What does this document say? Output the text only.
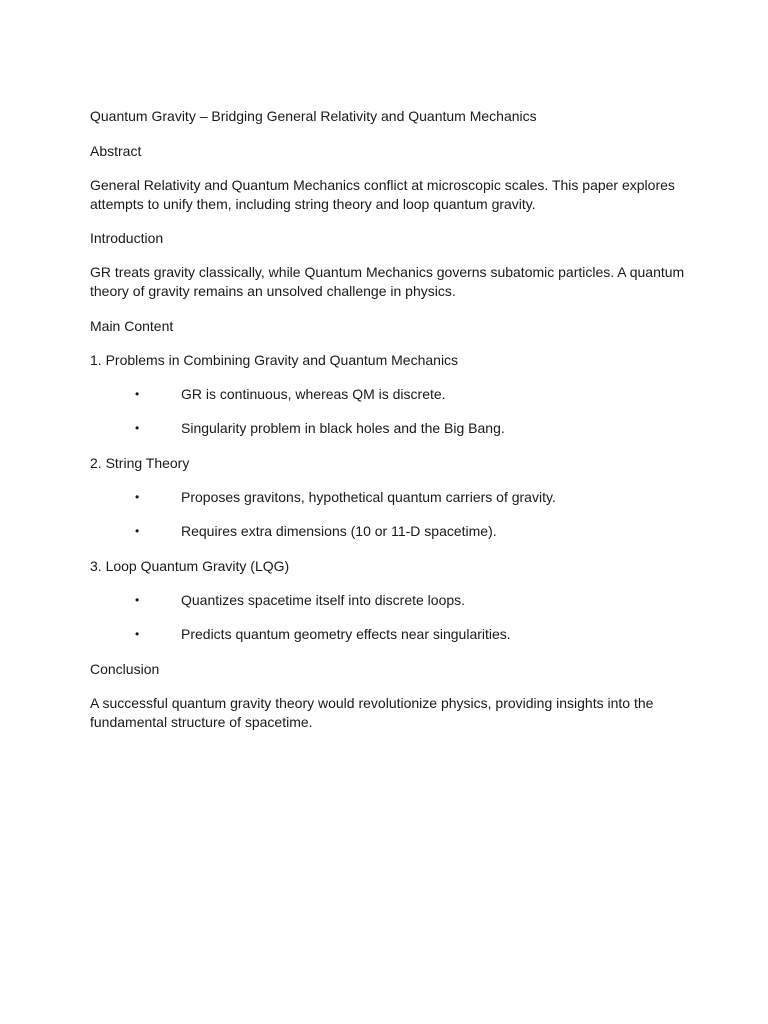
Quantum Gravity – Bridging General Relativity and Quantum Mechanics

Abstract

General Relativity and Quantum Mechanics conflict at microscopic scales. This paper explores attempts to unify them, including string theory and loop quantum gravity.

Introduction

GR treats gravity classically, while Quantum Mechanics governs subatomic particles. A quantum theory of gravity remains an unsolved challenge in physics.

Main Content

1. Problems in Combining Gravity and Quantum Mechanics

•	GR is continuous, whereas QM is discrete.
•	Singularity problem in black holes and the Big Bang.

2. String Theory

•	Proposes gravitons, hypothetical quantum carriers of gravity.
•	Requires extra dimensions (10 or 11-D spacetime).

3. Loop Quantum Gravity (LQG)

•	Quantizes spacetime itself into discrete loops.
•	Predicts quantum geometry effects near singularities.

Conclusion

A successful quantum gravity theory would revolutionize physics, providing insights into the fundamental structure of spacetime.
